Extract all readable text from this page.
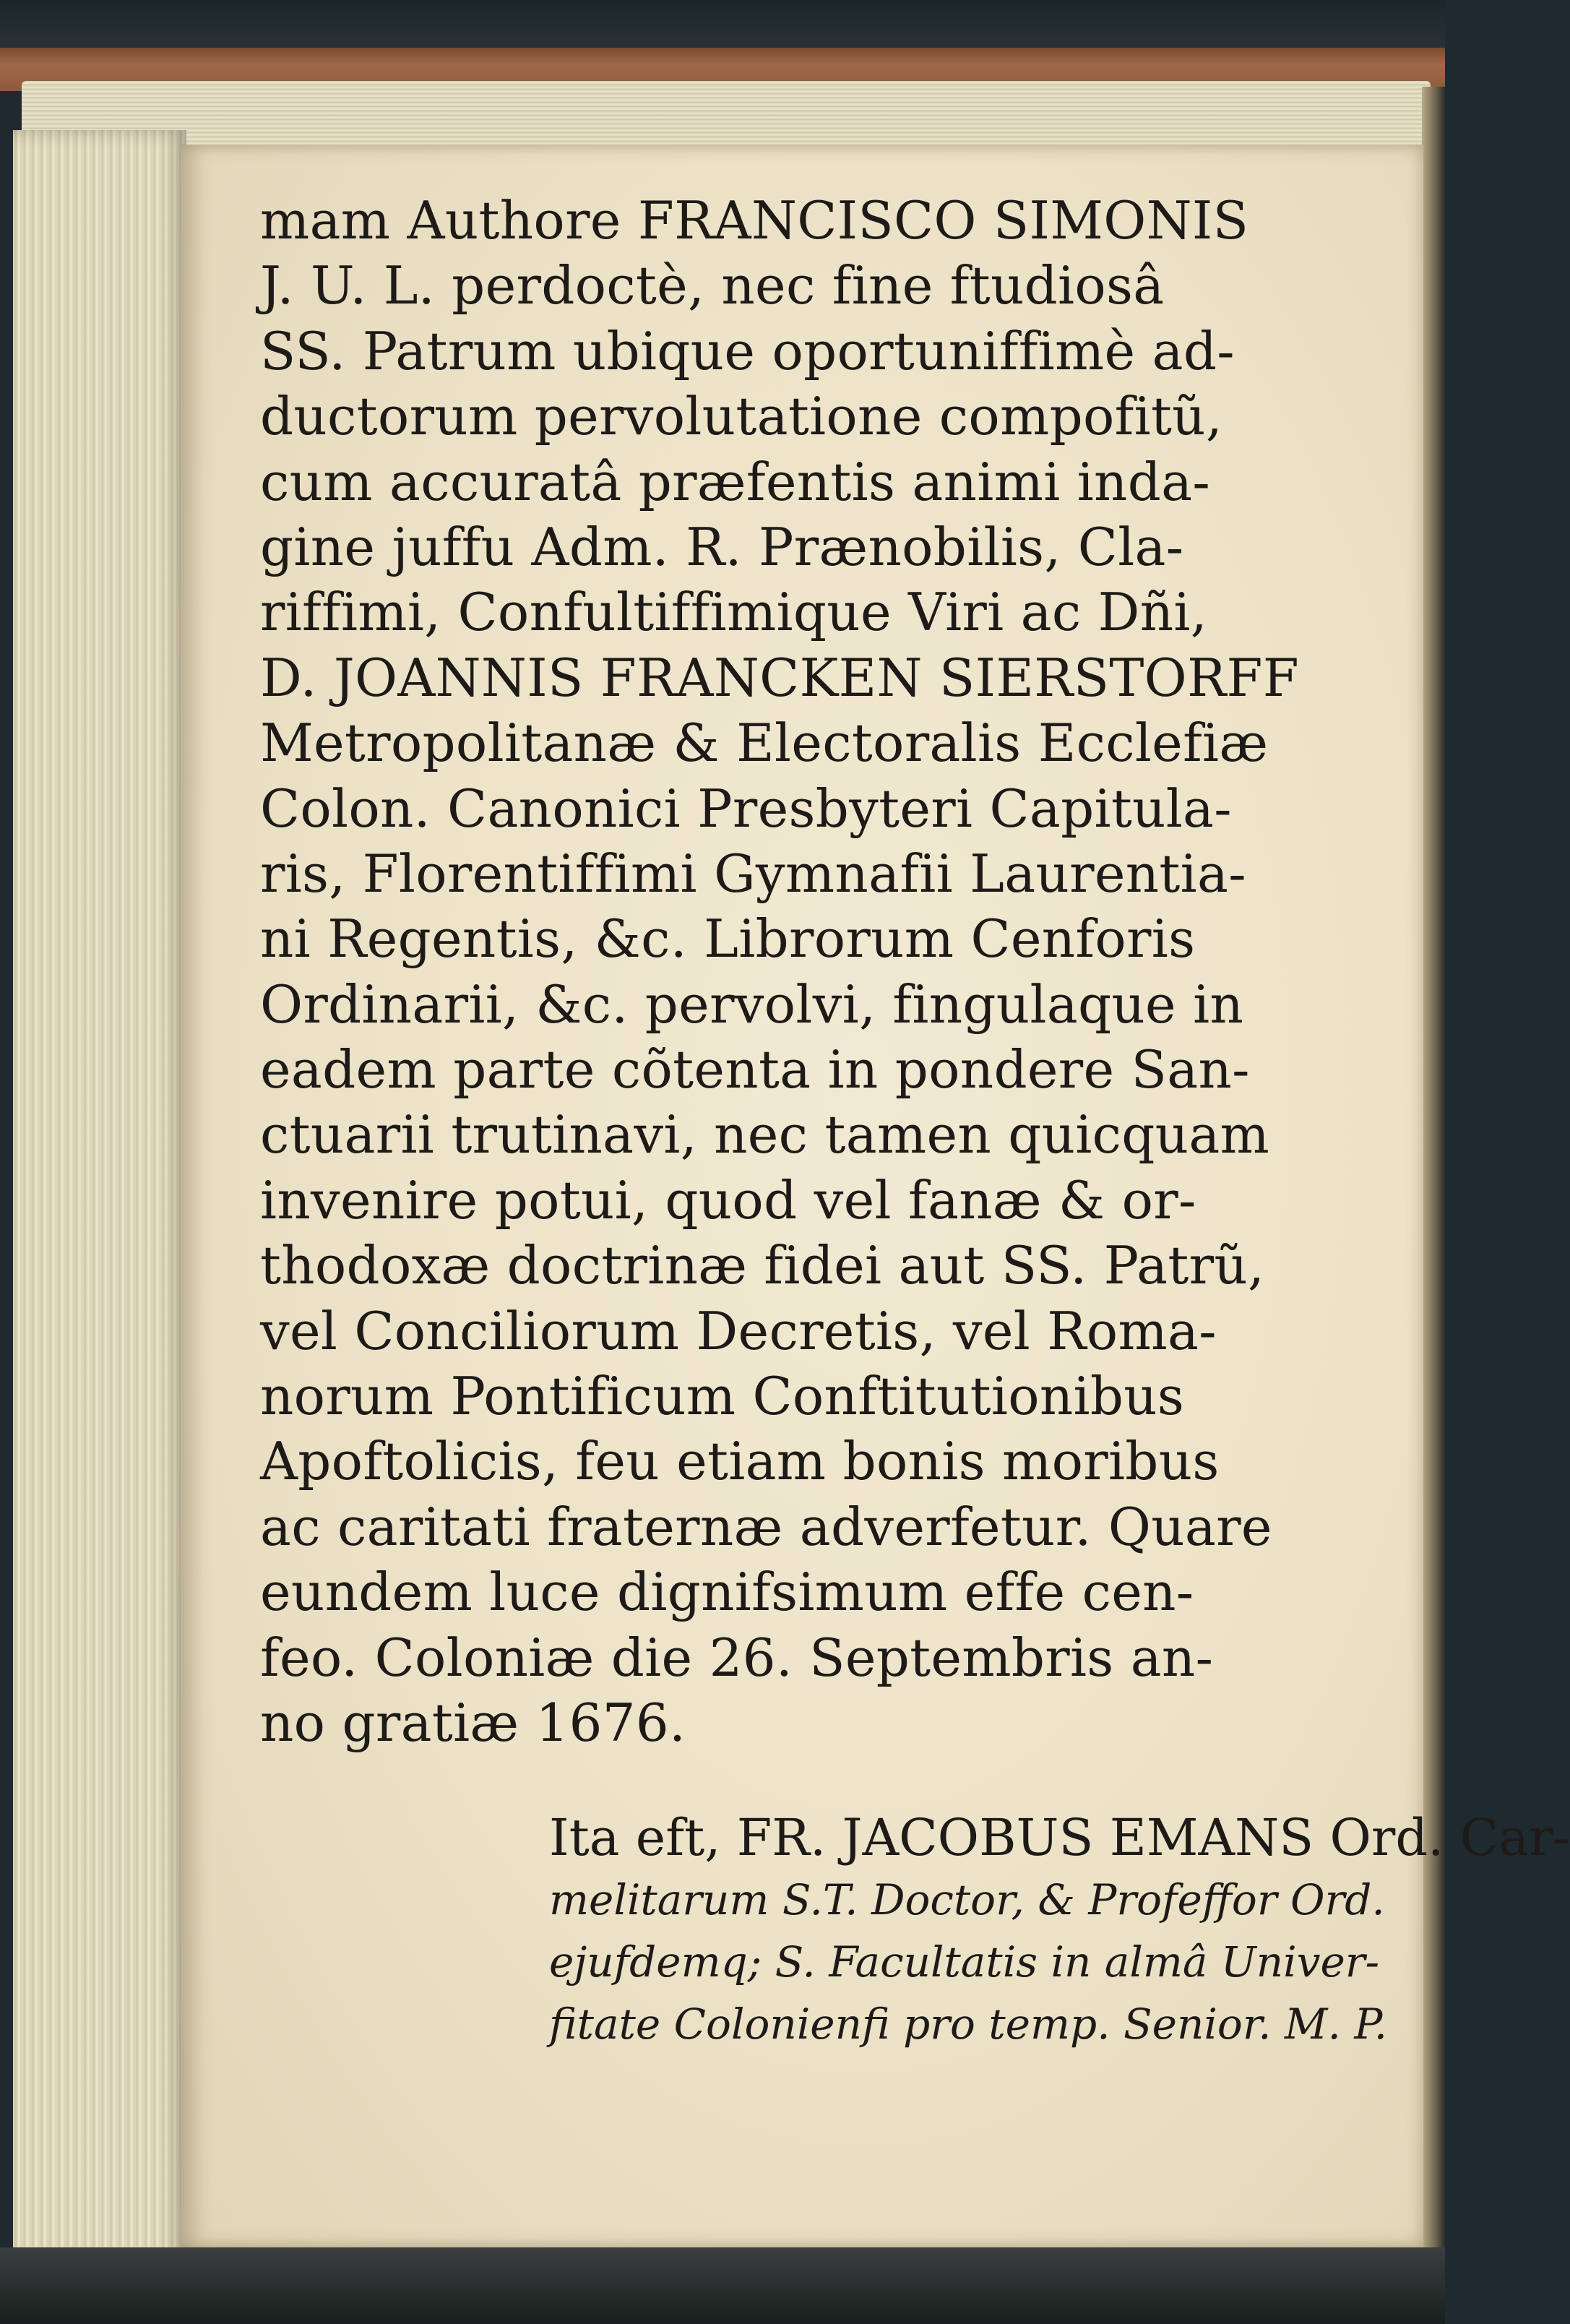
mam Authore FRANCISCO SIMONIS
J. U. L. perdoctè, nec fine ftudiosâ
SS. Patrum ubique oportuniffimè ad-
ductorum pervolutatione compofitũ,
cum accuratâ præfentis animi inda-
gine juffu Adm. R. Prænobilis, Cla-
riffimi, Confultiffimique Viri ac Dñi,
D. JOANNIS FRANCKEN SIERSTORFF
Metropolitanæ & Electoralis Ecclefiæ
Colon. Canonici Presbyteri Capitula-
ris, Florentiffimi Gymnafii Laurentia-
ni Regentis, &c. Librorum Cenforis
Ordinarii, &c. pervolvi, fingulaque in
eadem parte cõtenta in pondere San-
ctuarii trutinavi, nec tamen quicquam
invenire potui, quod vel fanæ & or-
thodoxæ doctrinæ fidei aut SS. Patrũ,
vel Conciliorum Decretis, vel Roma-
norum Pontificum Conftitutionibus
Apoftolicis, feu etiam bonis moribus
ac caritati fraternæ adverfetur. Quare
eundem luce dignifsimum effe cen-
feo. Coloniæ die 26. Septembris an-
no gratiæ 1676.
Ita eft, FR. JACOBUS EMANS Ord. Car-
melitarum S.T. Doctor, & Profeffor Ord.
ejufdemq; S. Facultatis in almâ Univer-
fitate Colonienfi pro temp. Senior. M. P.
